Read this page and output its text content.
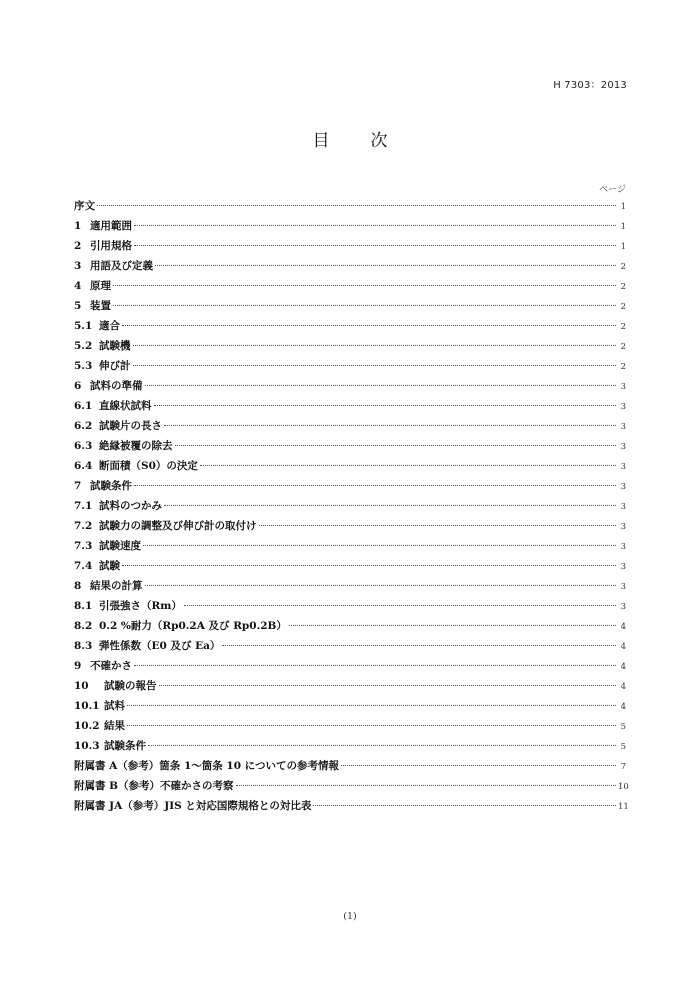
H 7303：2013
目　次
ページ
序文	1
1 適用範囲	1
2 引用規格	1
3 用語及び定義	2
4 原理	2
5 装置	2
5.1 適合	2
5.2 試験機	2
5.3 伸び計	2
6 試料の準備	3
6.1 直線状試料	3
6.2 試験片の長さ	3
6.3 絶縁被覆の除去	3
6.4 断面積（S0）の決定	3
7 試験条件	3
7.1 試料のつかみ	3
7.2 試験力の調整及び伸び計の取付け	3
7.3 試験速度	3
7.4 試験	3
8 結果の計算	3
8.1 引張強さ（Rm）	3
8.2 0.2 %耐力（Rp0.2A 及び Rp0.2B）	4
8.3 弾性係数（E0 及び Ea）	4
9 不確かさ	4
10	試験の報告	4
10.1 試料	4
10.2 結果	5
10.3 試験条件	5
附属書 A（参考）箇条 1～箇条 10 についての参考情報	7
附属書 B（参考）不確かさの考察	10
附属書 JA（参考）JIS と対応国際規格との対比表	11
(1)
